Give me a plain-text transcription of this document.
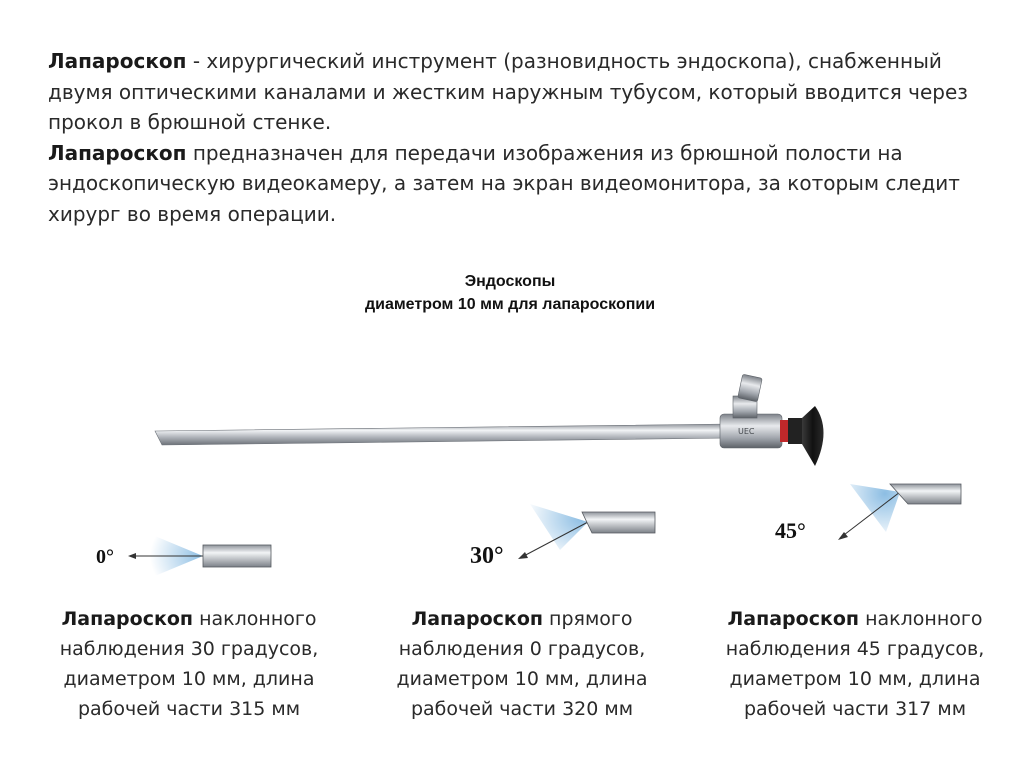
Лапароскоп - хирургический инструмент (разновидность эндоскопа), снабженный двумя оптическими каналами и жестким наружным тубусом, который вводится через прокол в брюшной стенке.

Лапароскоп предназначен для передачи изображения из брюшной полости на эндоскопическую видеокамеру, а затем на экран видеомонитора, за которым следит хирург во время операции.

Эндоскопы
диаметром 10 мм для лапароскопии
UEC
0°	30°
45°
Лапароскоп наклонного
наблюдения 30 градусов,
диаметром 10 мм, длина
рабочей части 315 мм
Лапароскоп прямого
наблюдения 0 градусов,
диаметром 10 мм, длина
рабочей части 320 мм
Лапароскоп наклонного
наблюдения 45 градусов,
диаметром 10 мм, длина
рабочей части 317 мм
